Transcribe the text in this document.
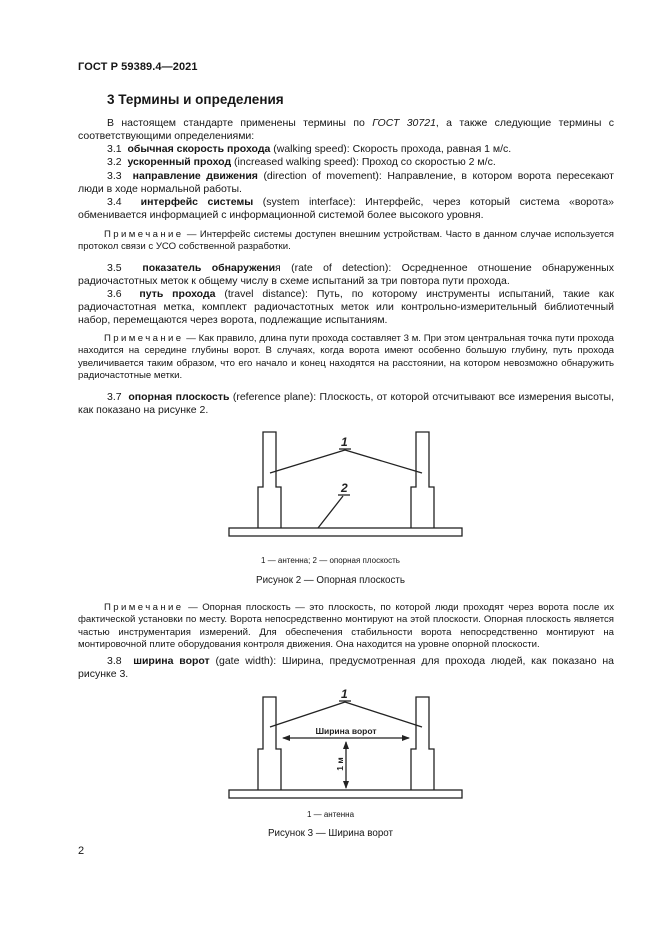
ГОСТ Р 59389.4—2021
3 Термины и определения
В настоящем стандарте применены термины по ГОСТ 30721, а также следующие термины с соответствующими определениями:
3.1 обычная скорость прохода (walking speed): Скорость прохода, равная 1 м/с.
3.2 ускоренный проход (increased walking speed): Проход со скоростью 2 м/с.
3.3 направление движения (direction of movement): Направление, в котором ворота пересекают люди в ходе нормальной работы.
3.4 интерфейс системы (system interface): Интерфейс, через который система «ворота» обменивается информацией с информационной системой более высокого уровня.
Примечание — Интерфейс системы доступен внешним устройствам. Часто в данном случае используется протокол связи с УСО собственной разработки.
3.5 показатель обнаружения (rate of detection): Осредненное отношение обнаруженных радиочастотных меток к общему числу в схеме испытаний за три повтора пути прохода.
3.6 путь прохода (travel distance): Путь, по которому инструменты испытаний, такие как радиочастотная метка, комплект радиочастотных меток или контрольно-измерительный библиотечный набор, перемещаются через ворота, подлежащие испытаниям.
Примечание — Как правило, длина пути прохода составляет 3 м. При этом центральная точка пути прохода находится на середине глубины ворот. В случаях, когда ворота имеют особенно большую глубину, путь прохода увеличивается таким образом, что его начало и конец находятся на расстоянии, на котором невозможно обнаружить радиочастотные метки.
3.7 опорная плоскость (reference plane): Плоскость, от которой отсчитывают все измерения высоты, как показано на рисунке 2.
1
2
1 — антенна; 2 — опорная плоскость
Рисунок 2 — Опорная плоскость
Примечание — Опорная плоскость — это плоскость, по которой люди проходят через ворота после их фактической установки по месту. Ворота непосредственно монтируют на этой плоскости. Опорная плоскость является частью инструментария измерений. Для обеспечения стабильности ворота непосредственно монтируют на монтировочной плите оборудования контроля движения. Она находится на уровне опорной плоскости.
3.8 ширина ворот (gate width): Ширина, предусмотренная для прохода людей, как показано на рисунке 3.
1
Ширина ворот
1 м
1 — антенна
Рисунок 3 — Ширина ворот
2
